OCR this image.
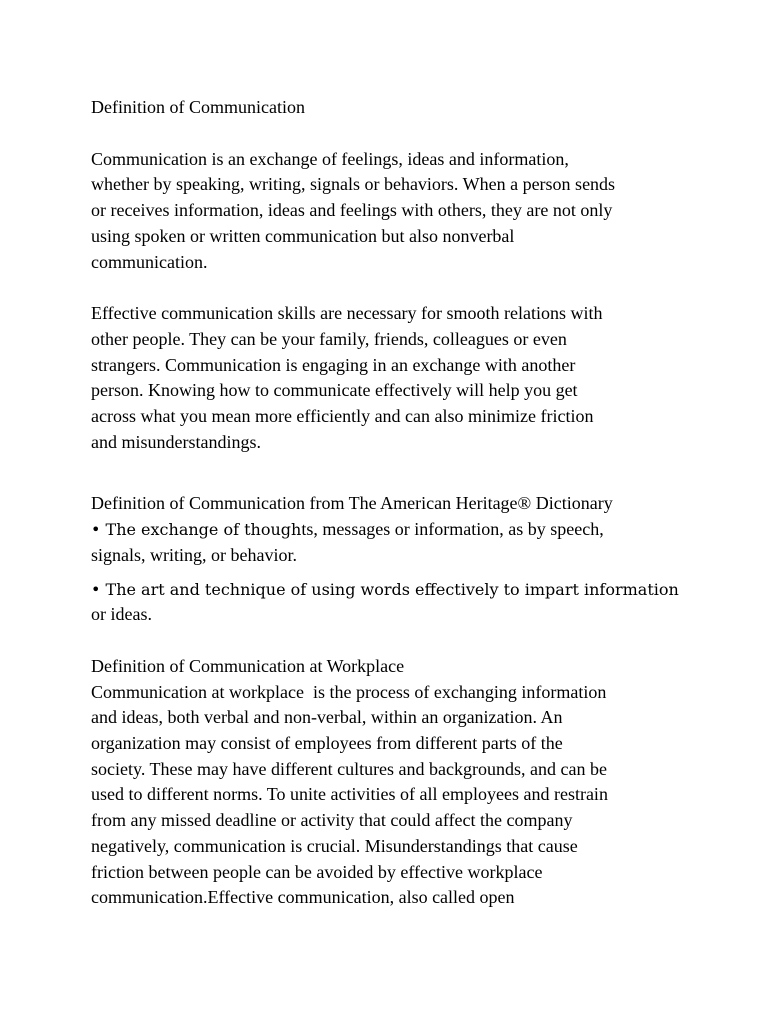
Definition of Communication
Communication is an exchange of feelings, ideas and information,
whether by speaking, writing, signals or behaviors. When a person sends
or receives information, ideas and feelings with others, they are not only
using spoken or written communication but also nonverbal
communication.
Effective communication skills are necessary for smooth relations with
other people. They can be your family, friends, colleagues or even
strangers. Communication is engaging in an exchange with another
person. Knowing how to communicate effectively will help you get
across what you mean more efficiently and can also minimize friction
and misunderstandings.
Definition of Communication from The American Heritage® Dictionary
• The exchange of thoughts, messages or information, as by speech,
signals, writing, or behavior.
• The art and technique of using words effectively to impart information
or ideas.
Definition of Communication at Workplace
Communication at workplace  is the process of exchanging information
and ideas, both verbal and non-verbal, within an organization. An
organization may consist of employees from different parts of the
society. These may have different cultures and backgrounds, and can be
used to different norms. To unite activities of all employees and restrain
from any missed deadline or activity that could affect the company
negatively, communication is crucial. Misunderstandings that cause
friction between people can be avoided by effective workplace
communication.Effective communication, also called open
